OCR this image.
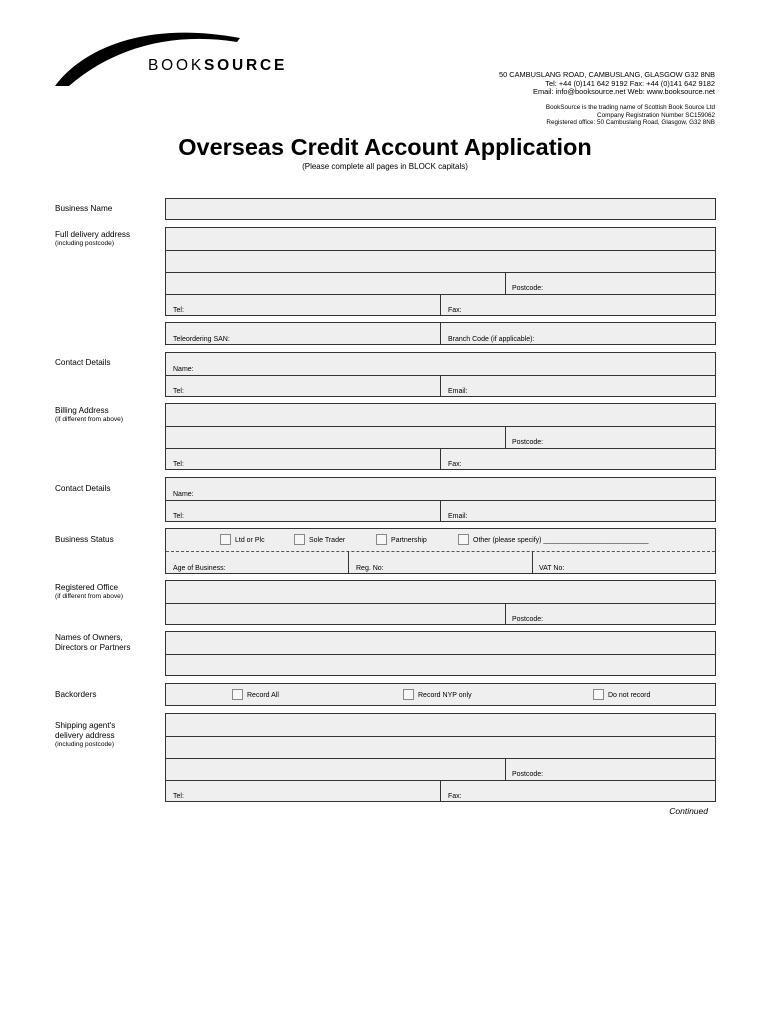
BOOKSOURCE
50 CAMBUSLANG ROAD, CAMBUSLANG, GLASGOW G32 8NB
Tel: +44 (0)141 642 9192 Fax: +44 (0)141 642 9182
Email: info@booksource.net Web: www.booksource.net
BookSource is the trading name of Scottish Book Source Ltd
Company Registration Number SC159062
Registered office: 50 Cambuslang Road, Glasgow, G32 8NB
Overseas Credit Account Application
(Please complete all pages in BLOCK capitals)
Business Name
Full delivery address
(including postcode)
Postcode:
Tel:	Fax:
Teleordering SAN:	Branch Code (if applicable):
Contact Details
Name:
Tel:	Email:
Billing Address
(if different from above)
Postcode:
Tel:	Fax:
Contact Details
Name:
Tel:	Email:
Business Status	Ltd or Plc	Sole Trader	Partnership	Other (please specify) ___________________________
Age of Business:	Reg. No:	VAT No:
Registered Office
(if different from above)
Postcode:
Names of Owners,
Directors or Partners
Backorders	Record All	Record NYP only	Do not record
Shipping agent's
delivery address
(including postcode)
Postcode:
Tel:	Fax:
Continued
